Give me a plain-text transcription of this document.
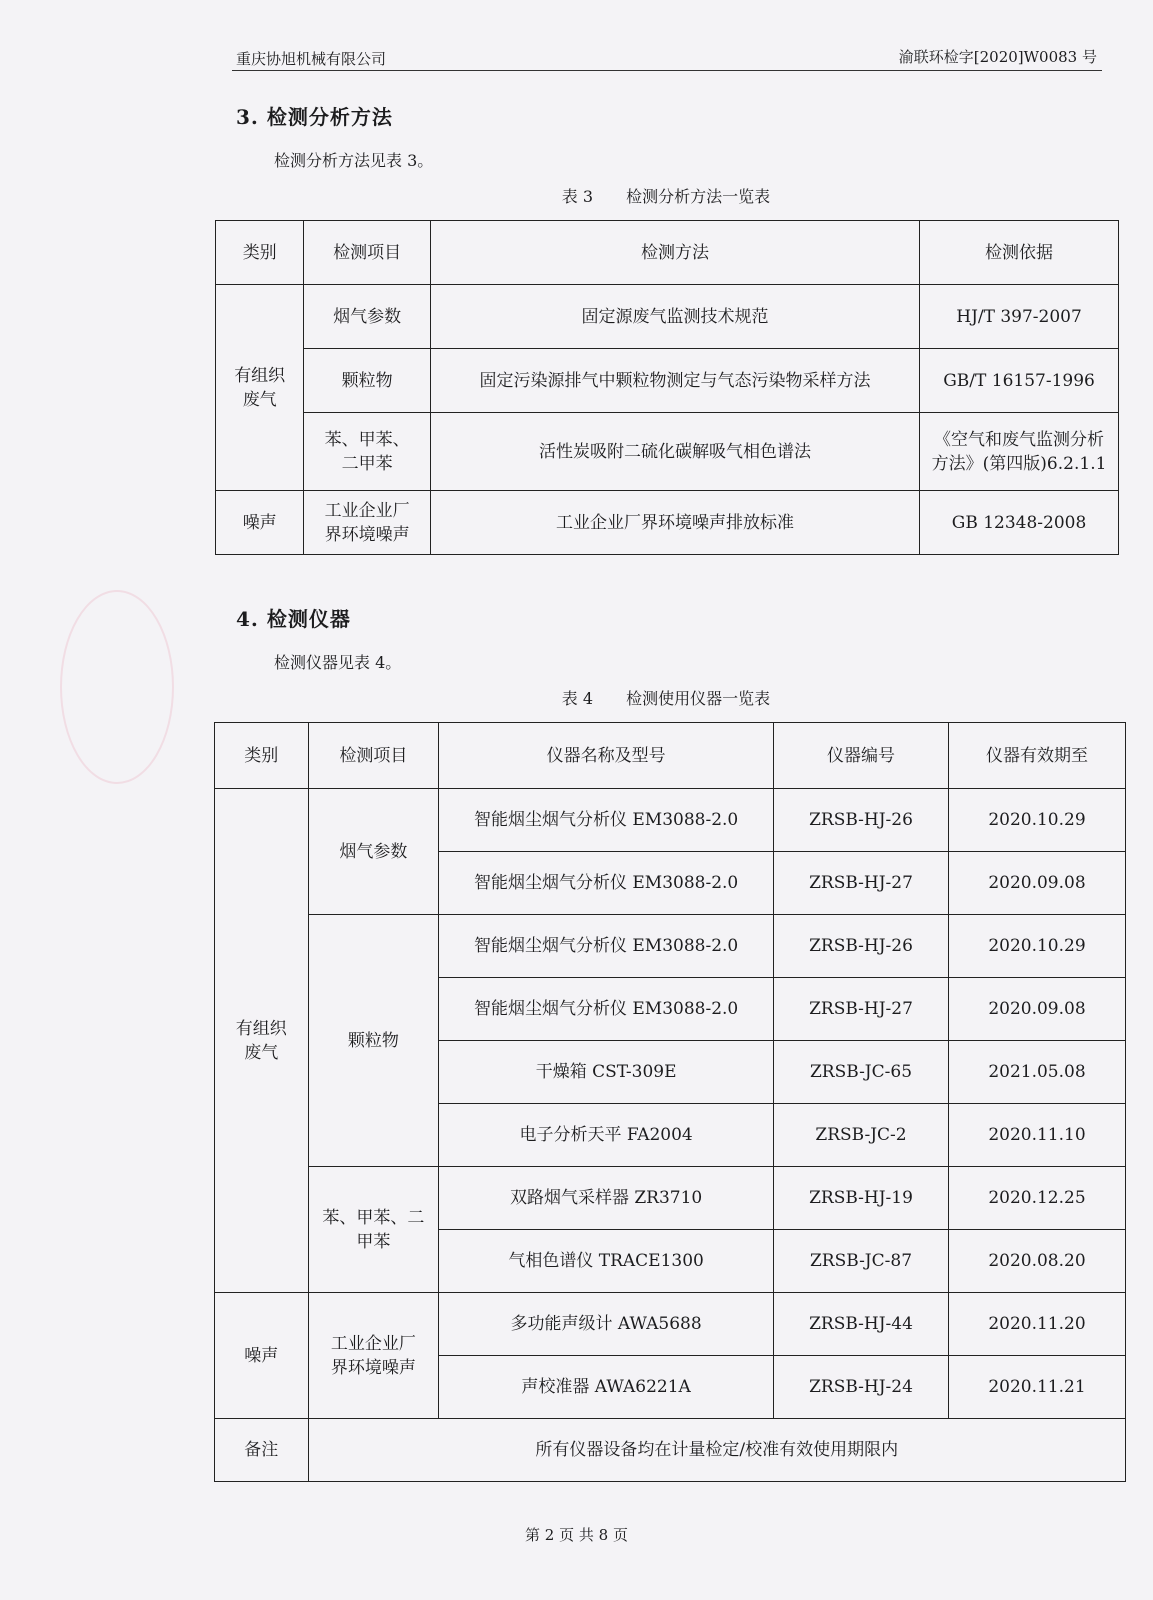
重庆协旭机械有限公司	渝联环检字[2020]W0083 号
3. 检测分析方法
检测分析方法见表 3。
表 3 检测分析方法一览表
类别	检测项目	检测方法	检测依据

有组织废气	烟气参数	固定源废气监测技术规范	HJ/T 397-2007
	颗粒物	固定污染源排气中颗粒物测定与气态污染物采样方法	GB/T 16157-1996

	苯、甲苯、二甲苯	活性炭吸附二硫化碳解吸气相色谱法	《空气和废气监测分析方法》(第四版)6.2.1.1

噪声	工业企业厂界环境噪声	工业企业厂界环境噪声排放标准	GB 12348-2008
4. 检测仪器
检测仪器见表 4。
表 4 检测使用仪器一览表
类别	检测项目	仪器名称及型号	仪器编号	仪器有效期至

有组织废气	烟气参数	智能烟尘烟气分析仪 EM3088-2.0	ZRSB-HJ-26	2020.10.29
		智能烟尘烟气分析仪 EM3088-2.0	ZRSB-HJ-27	2020.09.08
	颗粒物	智能烟尘烟气分析仪 EM3088-2.0	ZRSB-HJ-26	2020.10.29
		智能烟尘烟气分析仪 EM3088-2.0	ZRSB-HJ-27	2020.09.08
		干燥箱 CST-309E	ZRSB-JC-65	2021.05.08
		电子分析天平 FA2004	ZRSB-JC-2	2020.11.10

	苯、甲苯、二甲苯	双路烟气采样器 ZR3710	ZRSB-HJ-19	2020.12.25
		气相色谱仪 TRACE1300	ZRSB-JC-87	2020.08.20
噪声	工业企业厂界环境噪声	多功能声级计 AWA5688	ZRSB-HJ-44	2020.11.20
		声校准器 AWA6221A	ZRSB-HJ-24	2020.11.21
备注	所有仪器设备均在计量检定/校准有效使用期限内			
第 2 页 共 8 页
